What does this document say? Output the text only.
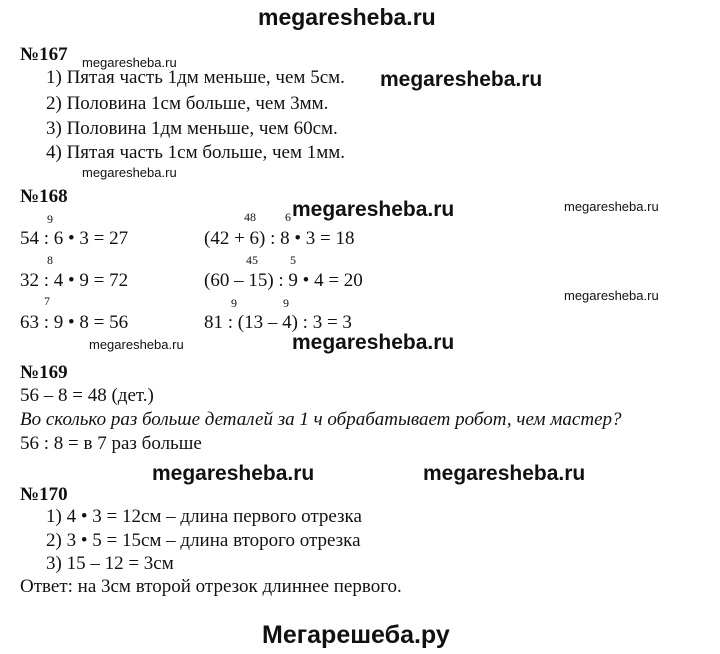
megaresheba.ru
№167 megaresheba.ru
1) Пятая часть 1дм меньше, чем 5см. megaresheba.ru
2) Половина 1см больше, чем 3мм.
3) Половина 1дм меньше, чем 60см.
4) Пятая часть 1см больше, чем 1мм.
megaresheba.ru
№168
megaresheba.ru	megaresheba.ru
9	48 6
54 : 6 • 3 = 27	(42 + 6) : 8 • 3 = 18
8	45	5
32 : 4 • 9 = 72	(60 – 15) : 9 • 4 = 20
megaresheba.ru
7	9	9
63 : 9 • 8 = 56	81 : (13 – 4) : 3 = 3
megaresheba.ru	megaresheba.ru
№169
56 – 8 = 48 (дет.)
Во сколько раз больше деталей за 1 ч обрабатывает робот, чем мастер?
56 : 8 = в 7 раз больше
megaresheba.ru	megaresheba.ru
№170
1) 4 • 3 = 12см – длина первого отрезка
2) 3 • 5 = 15см – длина второго отрезка
3) 15 – 12 = 3см
Ответ: на 3см второй отрезок длиннее первого.
Мегарешеба.ру
